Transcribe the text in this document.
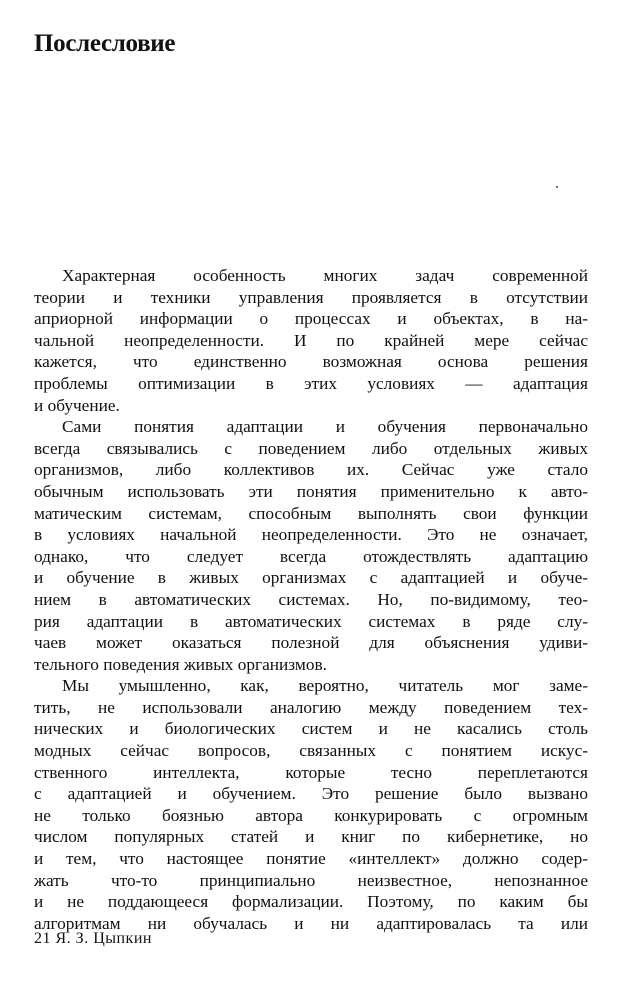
Послесловие
Характерная особенность многих задач современной
теории и техники управления проявляется в отсутствии
априорной информации о процессах и объектах, в на-
чальной неопределенности. И по крайней мере сейчас
кажется, что единственно возможная основа решения
проблемы оптимизации в этих условиях — адаптация
и обучение.
Сами понятия адаптации и обучения первоначально
всегда связывались с поведением либо отдельных живых
организмов, либо коллективов их. Сейчас уже стало
обычным использовать эти понятия применительно к авто-
матическим системам, способным выполнять свои функции
в условиях начальной неопределенности. Это не означает,
однако, что следует всегда отождествлять адаптацию
и обучение в живых организмах с адаптацией и обуче-
нием в автоматических системах. Но, по-видимому, тео-
рия адаптации в автоматических системах в ряде слу-
чаев может оказаться полезной для объяснения удиви-
тельного поведения живых организмов.
Мы умышленно, как, вероятно, читатель мог заме-
тить, не использовали аналогию между поведением тех-
нических и биологических систем и не касались столь
модных сейчас вопросов, связанных с понятием искус-
ственного интеллекта, которые тесно переплетаются
с адаптацией и обучением. Это решение было вызвано
не только боязнью автора конкурировать с огромным
числом популярных статей и книг по кибернетике, но
и тем, что настоящее понятие «интеллект» должно содер-
жать что-то принципиально неизвестное, непознанное
и не поддающееся формализации. Поэтому, по каким бы
алгоритмам ни обучалась и ни адаптировалась та или
21 Я. З. Цыпкин
